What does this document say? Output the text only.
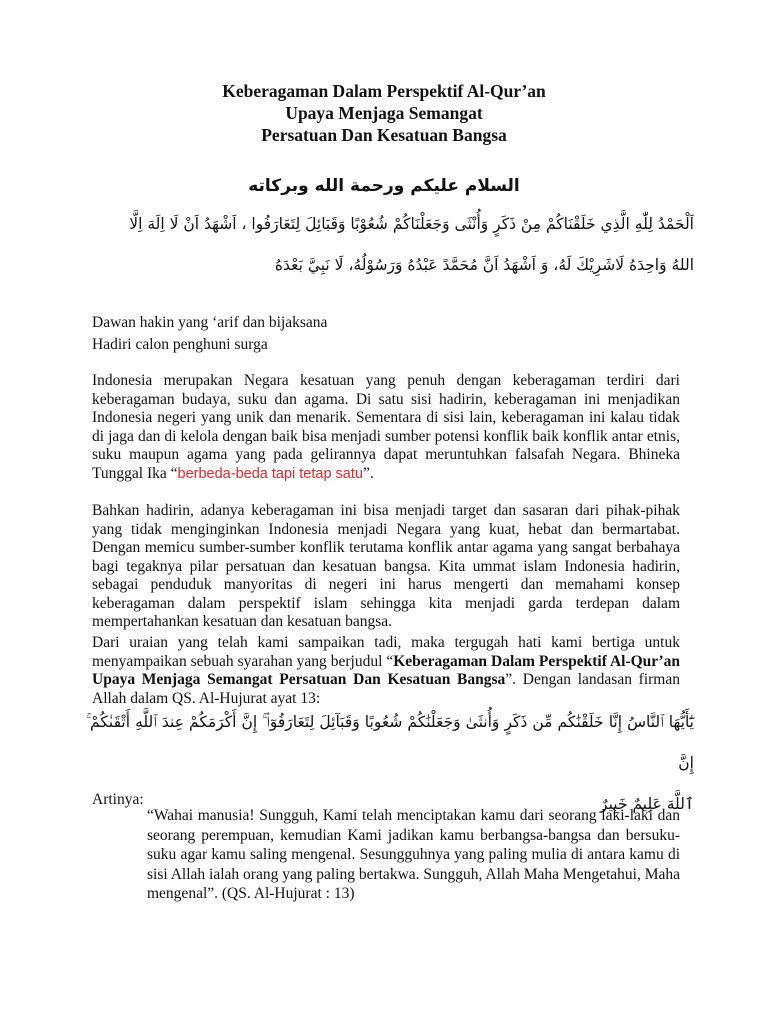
Keberagaman Dalam Perspektif Al-Qur’an
Upaya Menjaga Semangat
Persatuan Dan Kesatuan Bangsa
السلام عليكم ورحمة الله وبركاته
اَلْحَمْدُ لِلّٰهِ الَّذِي خَلَقْنَاكُمْ مِنْ ذَكَرٍ وَأُنْثَى وَجَعَلْنَاكُمْ شُعُوْبًا وَقَبَائِلَ لِتَعَارَفُوا ، اَشْهَدُ اَنْ لَا اِلَهَ اِلَّا
اللهُ وَاحِدَهُ لَاشَرِيْكَ لَهُ، وَ اَشْهَدُ اَنَّ مُحَمَّدً عَبْدُهُ وَرَسُوْلُهُ، لَا نَبِيَّ بَعْدَهُ
Dawan hakin yang ‘arif dan bijaksana
Hadiri calon penghuni surga

Indonesia merupakan Negara kesatuan yang penuh dengan keberagaman terdiri dari keberagaman budaya, suku dan agama. Di satu sisi hadirin, keberagaman ini menjadikan Indonesia negeri yang unik dan menarik. Sementara di sisi lain, keberagaman ini kalau tidak di jaga dan di kelola dengan baik bisa menjadi sumber potensi konflik baik konflik antar etnis, suku maupun agama yang pada gelirannya dapat meruntuhkan falsafah Negara. Bhineka Tunggal Ika “berbeda-beda tapi tetap satu”.

Bahkan hadirin, adanya keberagaman ini bisa menjadi target dan sasaran dari pihak-pihak yang tidak menginginkan Indonesia menjadi Negara yang kuat, hebat dan bermartabat. Dengan memicu sumber-sumber konflik terutama konflik antar agama yang sangat berbahaya bagi tegaknya pilar persatuan dan kesatuan bangsa. Kita ummat islam Indonesia hadirin, sebagai penduduk manyoritas di negeri ini harus mengerti dan memahami konsep keberagaman dalam perspektif islam sehingga kita menjadi garda terdepan dalam mempertahankan kesatuan dan kesatuan bangsa.

Dari uraian yang telah kami sampaikan tadi, maka tergugah hati kami bertiga untuk menyampaikan sebuah syarahan yang berjudul “Keberagaman Dalam Perspektif Al-Qur’an Upaya Menjaga Semangat Persatuan Dan Kesatuan Bangsa”. Dengan landasan firman Allah dalam QS. Al-Hujurat ayat 13:

يَٰٓأَيُّهَا ٱلنَّاسُ إِنَّا خَلَقْنَٰكُم مِّن ذَكَرٍ وَأُنثَىٰ وَجَعَلْنَٰكُمْ شُعُوبًا وَقَبَآئِلَ لِتَعَارَفُوٓا۟ ۚ إِنَّ أَكْرَمَكُمْ عِندَ ٱللَّهِ أَتْقَىٰكُمْ ۚ إِنَّ
ٱللَّهَ عَلِيمٌ خَبِيرٌ
Artinya:

“Wahai manusia! Sungguh, Kami telah menciptakan kamu dari seorang laki-laki dan seorang perempuan, kemudian Kami jadikan kamu berbangsa-bangsa dan bersuku-suku agar kamu saling mengenal. Sesungguhnya yang paling mulia di antara kamu di sisi Allah ialah orang yang paling bertakwa. Sungguh, Allah Maha Mengetahui, Maha mengenal”. (QS. Al-Hujurat : 13)
